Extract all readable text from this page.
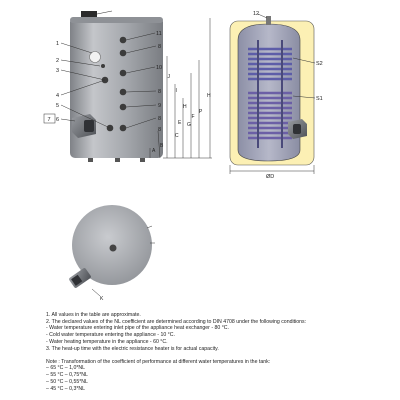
1
2
3
4
5
6
7
11
8
10
8
9
8
8
J
I
H
G
F
E
C
B
A
P
H
12
S2
S1
ØD
K

1. All values in the table are approximate.

2. The declared values of the NL coefficient are determined according to DIN 4708 under the following conditions:

- Water temperature entering inlet pipe of the appliance heat exchanger - 80 °C.

- Cold water temperature entering the appliance - 10 °C.

- Water heating temperature in the appliance - 60 °C.

3. The heat-up time with the electric resistance heater is for actual capacity.

Note : Transformation of the coefficient of performance at different water temperatures in the tank:

– 65 °C – 1,0*NL

– 55 °C – 0,75*NL

– 50 °C – 0,55*NL

– 45 °C – 0,3*NL
